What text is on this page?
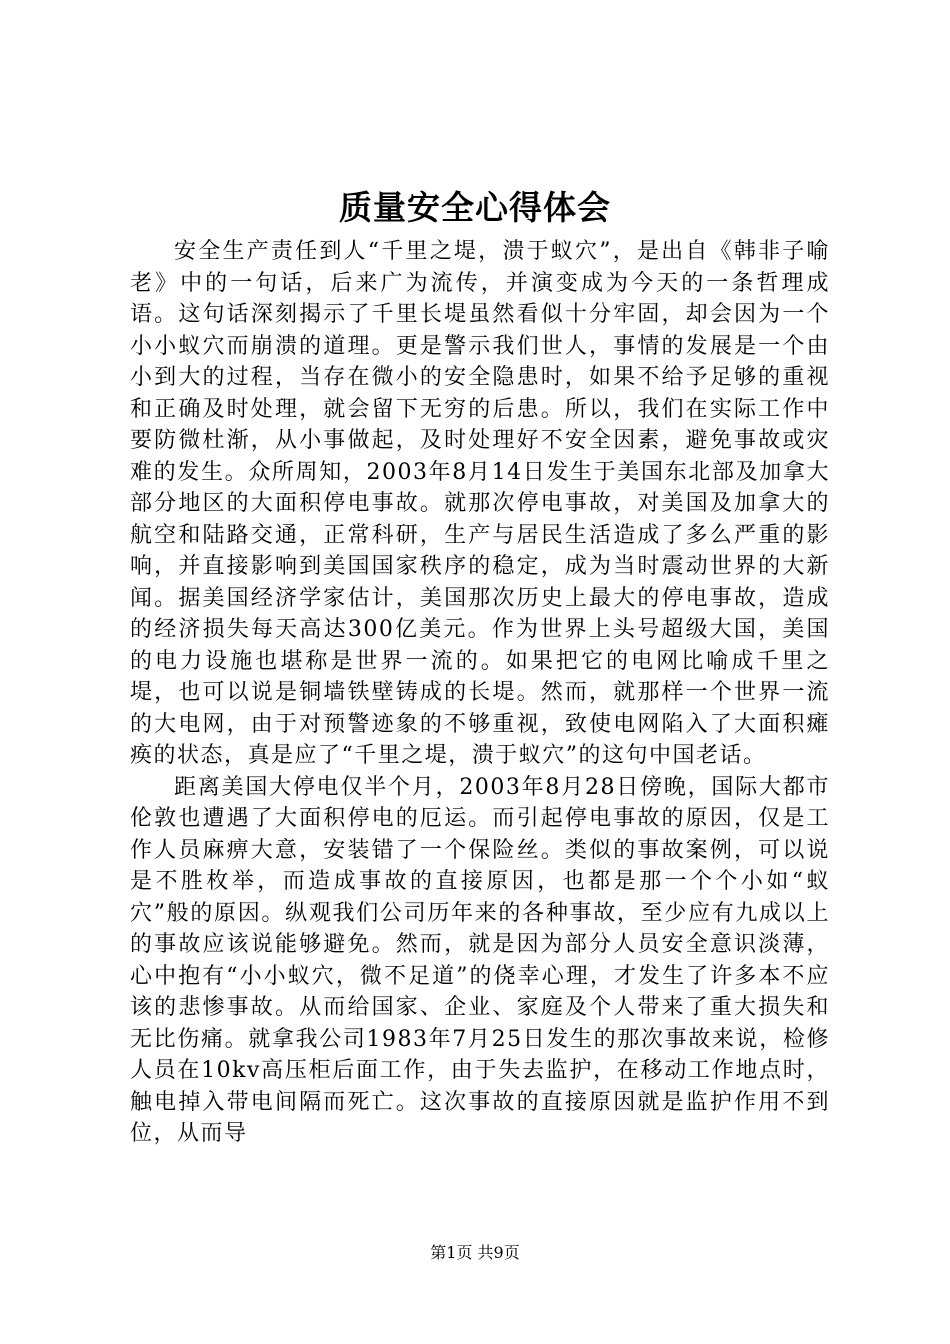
质量安全心得体会

安全生产责任到人“千里之堤，溃于蚁穴”，是出自《韩非子喻老》中的一句话，后来广为流传，并演变成为今天的一条哲理成语。这句话深刻揭示了千里长堤虽然看似十分牢固，却会因为一个小小蚁穴而崩溃的道理。更是警示我们世人，事情的发展是一个由小到大的过程，当存在微小的安全隐患时，如果不给予足够的重视和正确及时处理，就会留下无穷的后患。所以，我们在实际工作中要防微杜渐，从小事做起，及时处理好不安全因素，避免事故或灾难的发生。众所周知，2003年8月14日发生于美国东北部及加拿大部分地区的大面积停电事故。就那次停电事故，对美国及加拿大的航空和陆路交通，正常科研，生产与居民生活造成了多么严重的影响，并直接影响到美国国家秩序的稳定，成为当时震动世界的大新闻。据美国经济学家估计，美国那次历史上最大的停电事故，造成的经济损失每天高达300亿美元。作为世界上头号超级大国，美国的电力设施也堪称是世界一流的。如果把它的电网比喻成千里之堤，也可以说是铜墙铁壁铸成的长堤。然而，就那样一个世界一流的大电网，由于对预警迹象的不够重视，致使电网陷入了大面积瘫痪的状态，真是应了“千里之堤，溃于蚁穴”的这句中国老话。

距离美国大停电仅半个月，2003年8月28日傍晚，国际大都市伦敦也遭遇了大面积停电的厄运。而引起停电事故的原因，仅是工作人员麻痹大意，安装错了一个保险丝。类似的事故案例，可以说是不胜枚举，而造成事故的直接原因，也都是那一个个小如“蚁穴”般的原因。纵观我们公司历年来的各种事故，至少应有九成以上的事故应该说能够避免。然而，就是因为部分人员安全意识淡薄，心中抱有“小小蚁穴，微不足道”的侥幸心理，才发生了许多本不应该的悲惨事故。从而给国家、企业、家庭及个人带来了重大损失和无比伤痛。就拿我公司1983年7月25日发生的那次事故来说，检修人员在10kv高压柜后面工作，由于失去监护，在移动工作地点时，触电掉入带电间隔而死亡。这次事故的直接原因就是监护作用不到位，从而导

第1页 共9页
